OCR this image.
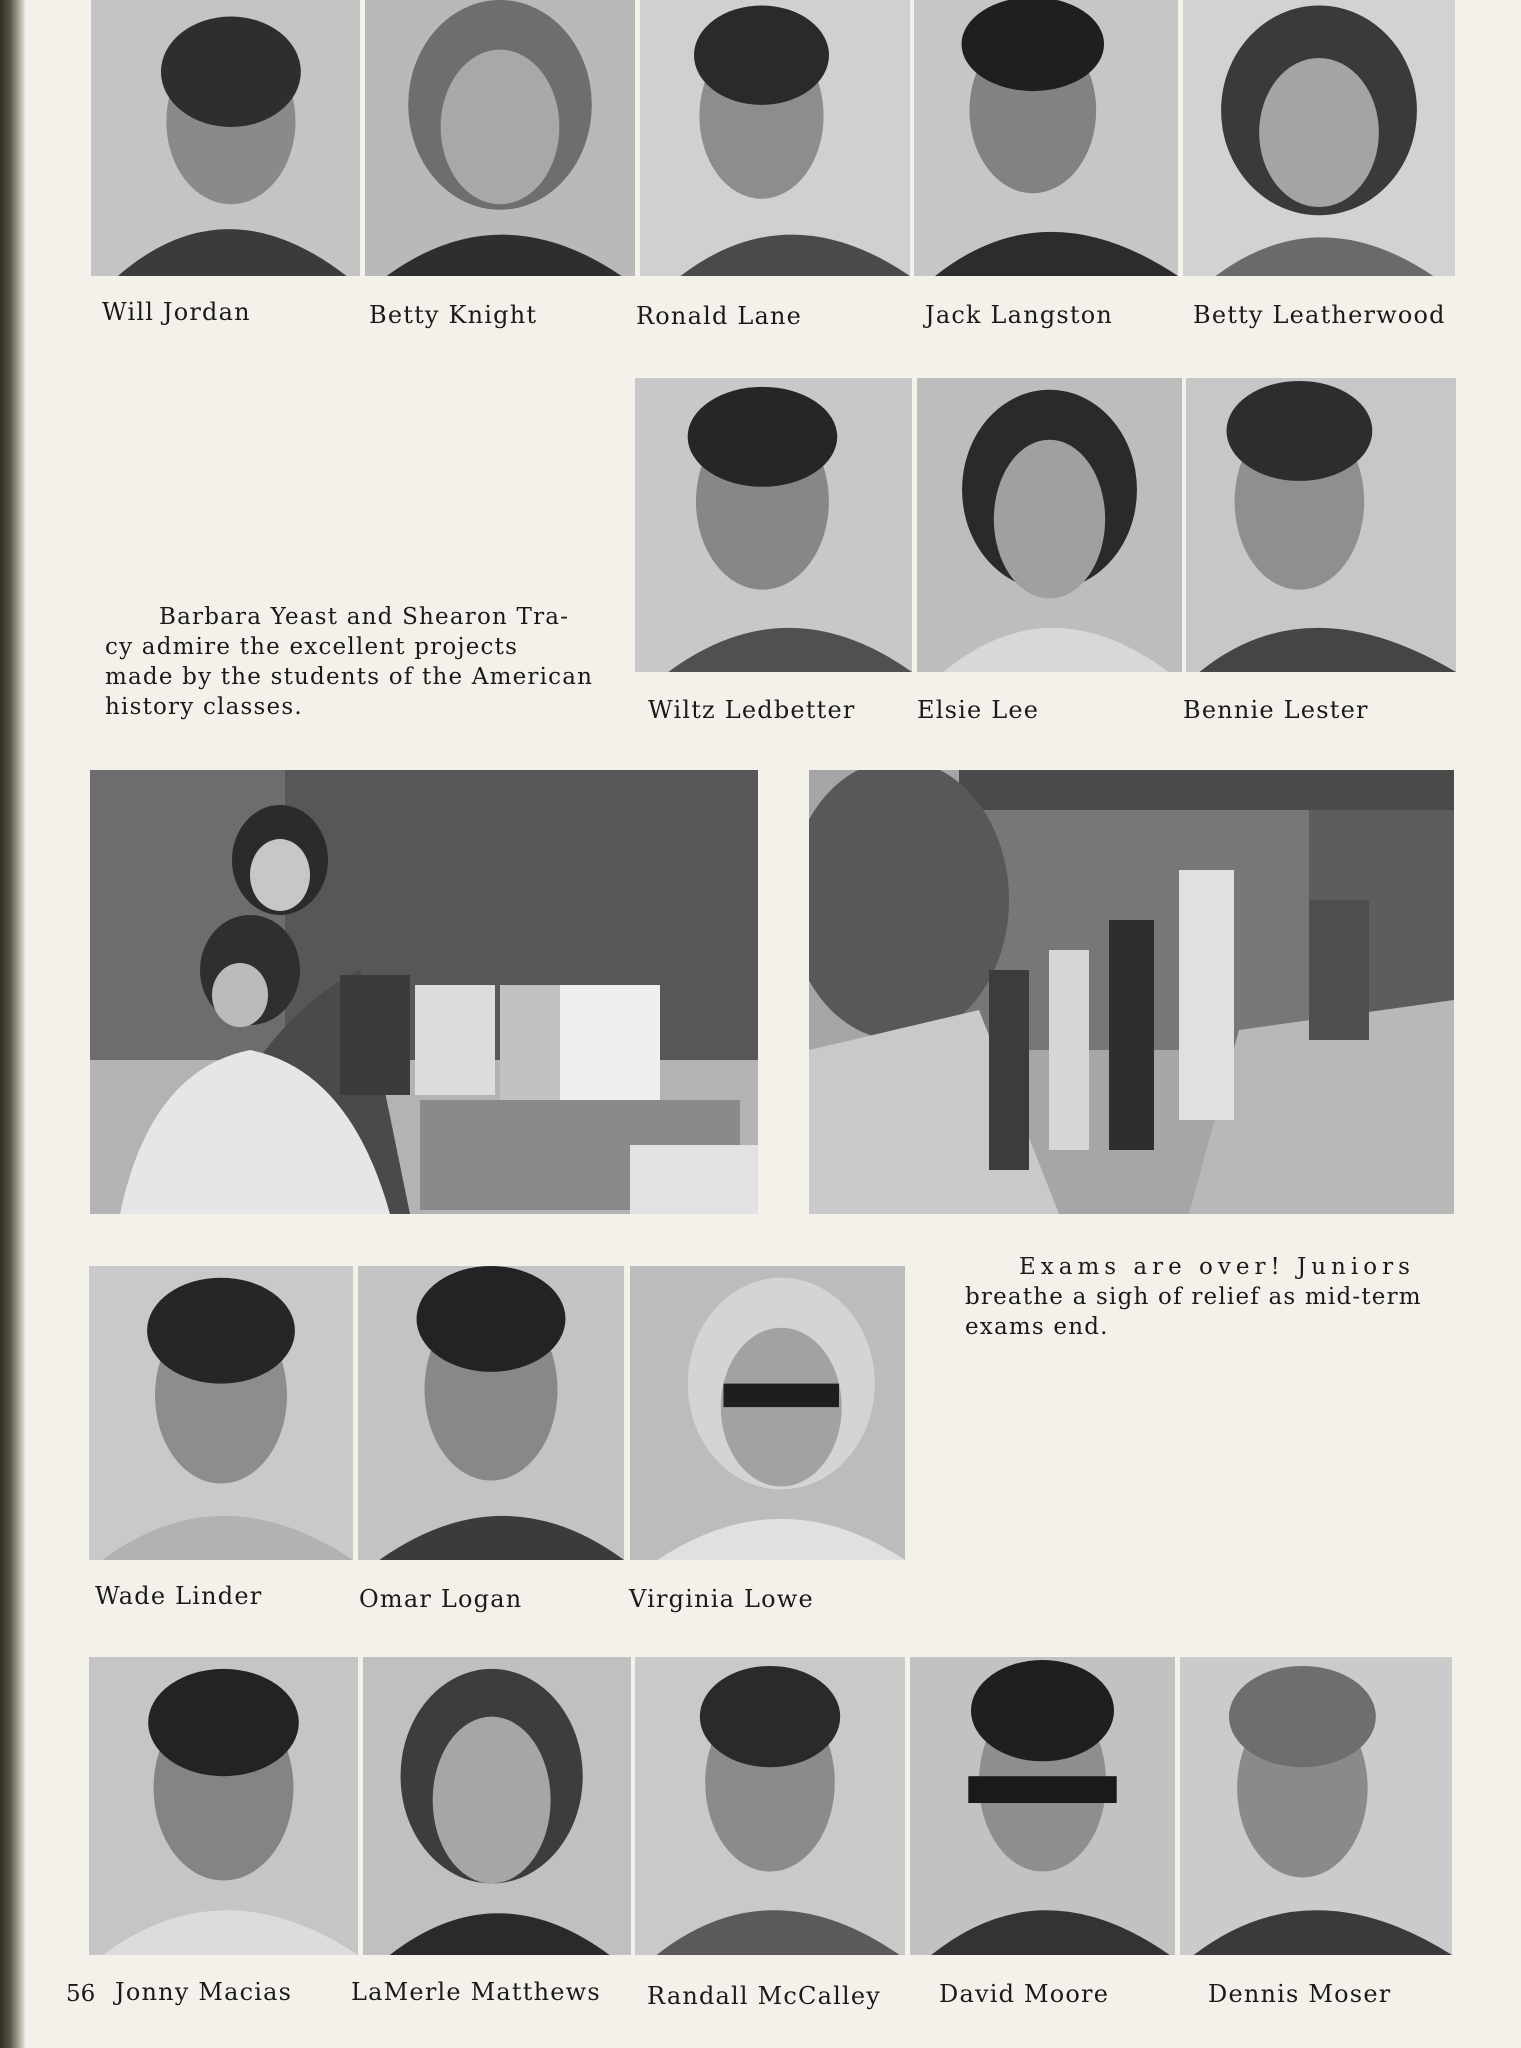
Will Jordan	Betty Knight	Ronald Lane	Jack Langston	Betty Leatherwood
Barbara Yeast and Shearon Tra-
cy admire the excellent projects
made by the students of the American
history classes.	Wiltz Ledbetter	Elsie Lee	Bennie Lester
Exams are over! Juniors
breathe a sigh of relief as mid-term
exams end.
Wade Linder	Omar Logan	Virginia Lowe
56 Jonny Macias LaMerle Matthews Randall McCalley David Moore	Dennis Moser
